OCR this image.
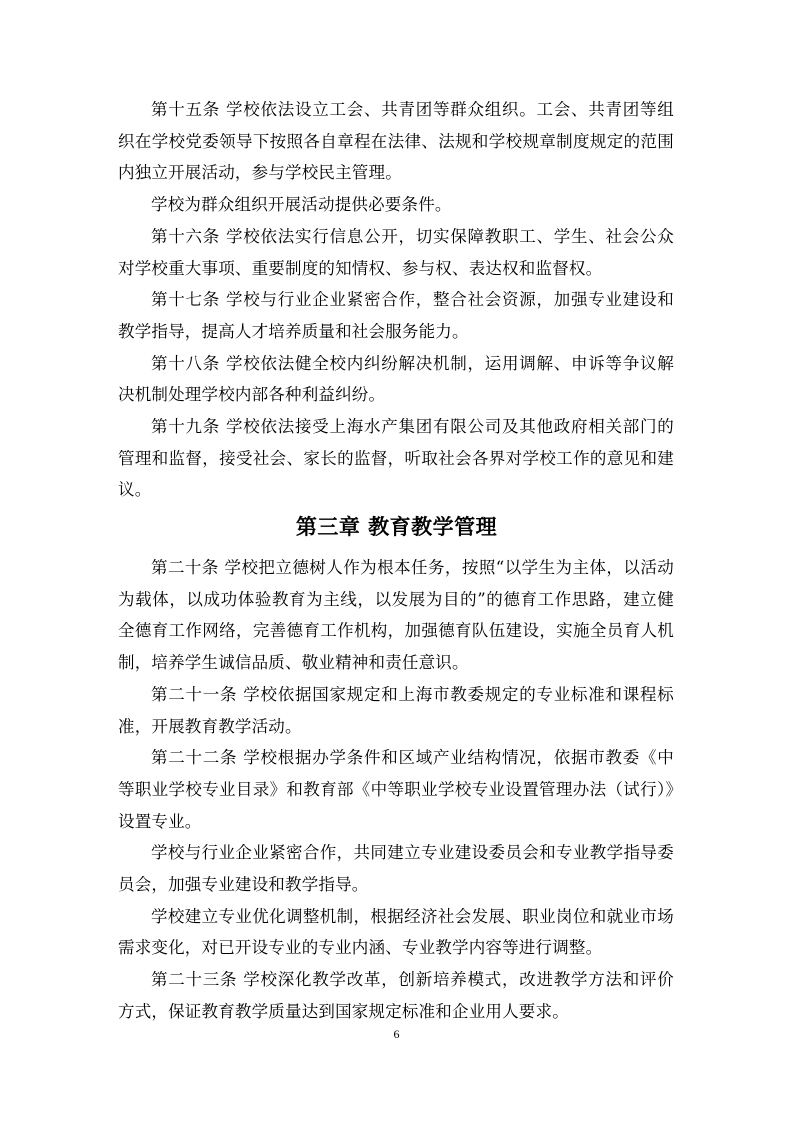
第十五条 学校依法设立工会、共青团等群众组织。工会、共青团等组织在学校党委领导下按照各自章程在法律、法规和学校规章制度规定的范围内独立开展活动，参与学校民主管理。

学校为群众组织开展活动提供必要条件。

第十六条 学校依法实行信息公开，切实保障教职工、学生、社会公众对学校重大事项、重要制度的知情权、参与权、表达权和监督权。

第十七条 学校与行业企业紧密合作，整合社会资源，加强专业建设和教学指导，提高人才培养质量和社会服务能力。

第十八条 学校依法健全校内纠纷解决机制，运用调解、申诉等争议解决机制处理学校内部各种利益纠纷。

第十九条 学校依法接受上海水产集团有限公司及其他政府相关部门的管理和监督，接受社会、家长的监督，听取社会各界对学校工作的意见和建议。

第三章 教育教学管理

第二十条 学校把立德树人作为根本任务，按照“以学生为主体，以活动为载体，以成功体验教育为主线，以发展为目的”的德育工作思路，建立健全德育工作网络，完善德育工作机构，加强德育队伍建设，实施全员育人机制，培养学生诚信品质、敬业精神和责任意识。

第二十一条 学校依据国家规定和上海市教委规定的专业标准和课程标准，开展教育教学活动。

第二十二条 学校根据办学条件和区域产业结构情况，依据市教委《中等职业学校专业目录》和教育部《中等职业学校专业设置管理办法（试行）》设置专业。

学校与行业企业紧密合作，共同建立专业建设委员会和专业教学指导委员会，加强专业建设和教学指导。

学校建立专业优化调整机制，根据经济社会发展、职业岗位和就业市场需求变化，对已开设专业的专业内涵、专业教学内容等进行调整。

第二十三条 学校深化教学改革，创新培养模式，改进教学方法和评价方式，保证教育教学质量达到国家规定标准和企业用人要求。

6
